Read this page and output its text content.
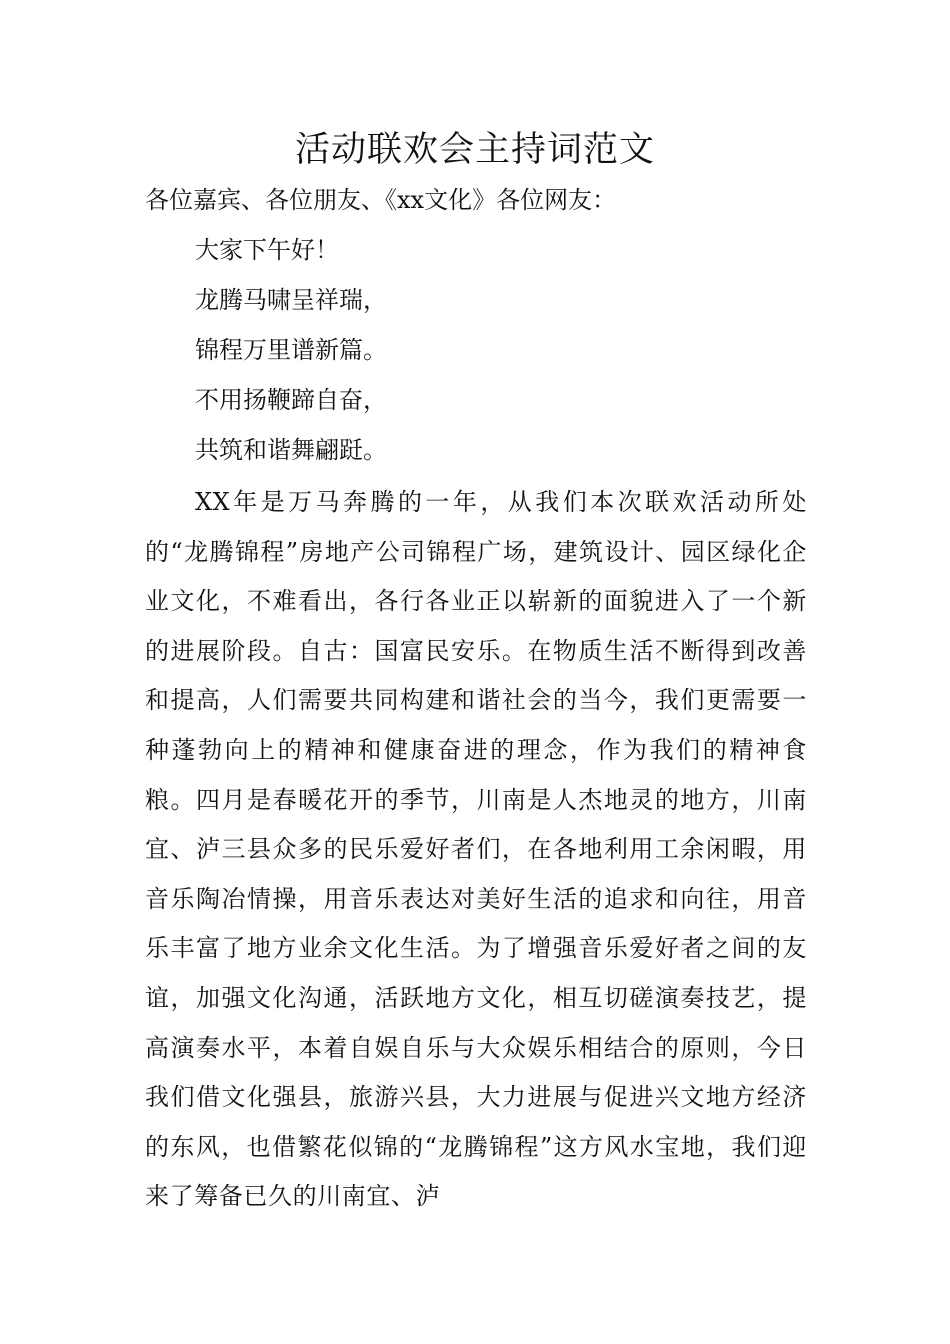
活动联欢会主持词范文
各位嘉宾、各位朋友、《xx文化》各位网友：
大家下午好！
龙腾马啸呈祥瑞，
锦程万里谱新篇。
不用扬鞭蹄自奋，
共筑和谐舞翩跹。
XX年是万马奔腾的一年，从我们本次联欢活动所处的“龙腾锦程”房地产公司锦程广场，建筑设计、园区绿化企业文化，不难看出，各行各业正以崭新的面貌进入了一个新的进展阶段。自古：国富民安乐。在物质生活不断得到改善和提高，人们需要共同构建和谐社会的当今，我们更需要一种蓬勃向上的精神和健康奋进的理念，作为我们的精神食粮。四月是春暖花开的季节，川南是人杰地灵的地方，川南宜、泸三县众多的民乐爱好者们，在各地利用工余闲暇，用音乐陶冶情操，用音乐表达对美好生活的追求和向往，用音乐丰富了地方业余文化生活。为了增强音乐爱好者之间的友谊，加强文化沟通，活跃地方文化，相互切磋演奏技艺，提高演奏水平，本着自娱自乐与大众娱乐相结合的原则，今日我们借文化强县，旅游兴县，大力进展与促进兴文地方经济的东风，也借繁花似锦的“龙腾锦程”这方风水宝地，我们迎来了筹备已久的川南宜、泸
